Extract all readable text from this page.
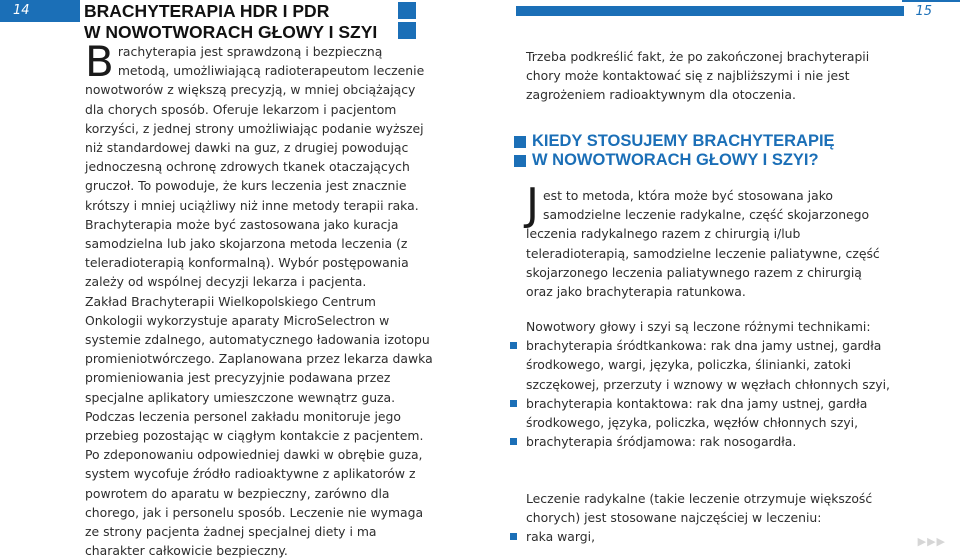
14	BRACHYTERAPIA HDR I PDR
W NOWOTWORACH GŁOWY I SZYI

Brachyterapia jest sprawdzoną i bezpieczną metodą, umożliwiającą radioterapeutom leczenie nowotworów z większą precyzją, w mniej obciążający dla chorych sposób. Oferuje lekarzom i pacjentom korzyści, z jednej strony umożliwiając podanie wyższej niż standardowej dawki na guz, z drugiej powodując jednoczesną ochronę zdrowych tkanek otaczających gruczoł. To powoduje, że kurs leczenia jest znacznie krótszy i mniej uciążliwy niż inne metody terapii raka. Brachyterapia może być zastosowana jako kuracja samodzielna lub jako skojarzona metoda leczenia (z teleradioterapią konformalną). Wybór postępowania zależy od wspólnej decyzji lekarza i pacjenta.

Zakład Brachyterapii Wielkopolskiego Centrum Onkologii wykorzystuje aparaty MicroSelectron w systemie zdalnego, automatycznego ładowania izotopu promieniotwórczego. Zaplanowana przez lekarza dawka promieniowania jest precyzyjnie podawana przez specjalne aplikatory umieszczone wewnątrz guza. Podczas leczenia personel zakładu monitoruje jego przebieg pozostając w ciągłym kontakcie z pacjentem. Po zdeponowaniu odpowiedniej dawki w obrębie guza, system wycofuje źródło radioaktywne z aplikatorów z powrotem do aparatu w bezpieczny, zarówno dla chorego, jak i personelu sposób. Leczenie nie wymaga ze strony pacjenta żadnej specjalnej diety i ma charakter całkowicie bezpieczny.

15

Trzeba podkreślić fakt, że po zakończonej brachyterapii chory może kontaktować się z najbliższymi i nie jest zagrożeniem radioaktywnym dla otoczenia.

KIEDY STOSUJEMY BRACHYTERAPIĘ
W NOWOTWORACH GŁOWY I SZYI?

Jest to metoda, która może być stosowana jako samodzielne leczenie radykalne, część skojarzonego leczenia radykalnego razem z chirurgią i/lub teleradioterapią, samodzielne leczenie paliatywne, część skojarzonego leczenia paliatywnego razem z chirurgią oraz jako brachyterapia ratunkowa.

Nowotwory głowy i szyi są leczone różnymi technikami:

brachyterapia śródtkankowa: rak dna jamy ustnej, gardła środkowego, wargi, języka, policzka, ślinianki, zatoki szczękowej, przerzuty i wznowy w węzłach chłonnych szyi,
brachyterapia kontaktowa: rak dna jamy ustnej, gardła środkowego, języka, policzka, węzłów chłonnych szyi,
brachyterapia śródjamowa: rak nosogardła.

Leczenie radykalne (takie leczenie otrzymuje większość chorych) jest stosowane najczęściej w leczeniu:

raka wargi,	▶▶▶
